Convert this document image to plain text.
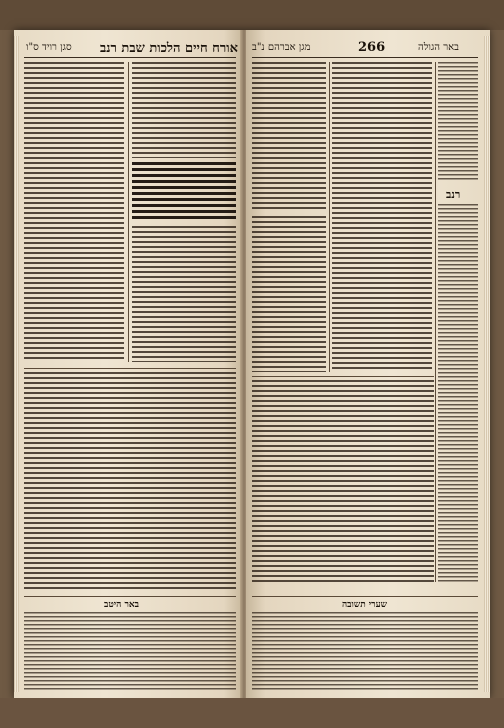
אורח חיים הלכות שבת רנב
סגן רויד ס"ו
באר היטב
מגן אברהם נ"ב	266	באר הגולה
רנב
שערי תשובה
